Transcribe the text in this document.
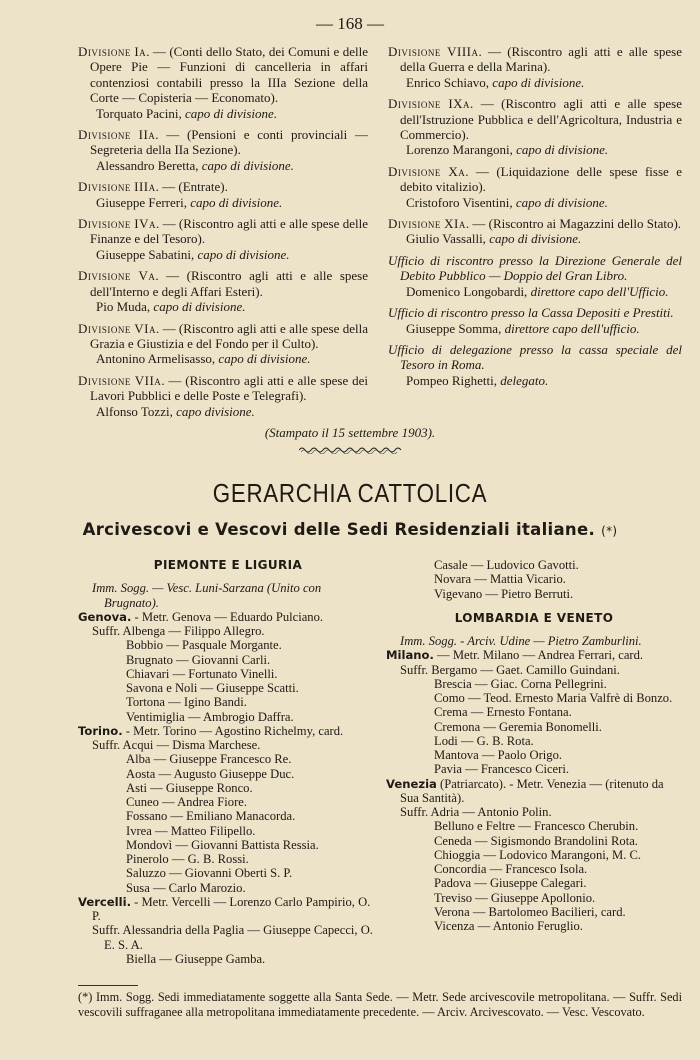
— 168 —
Divisione Ia. — (Conti dello Stato, dei Comuni e delle Opere Pie — Funzioni di cancelleria in affari contenziosi contabili presso la IIIa Sezione della Corte — Copisteria — Economato).
Torquato Pacini, capo di divisione.
Divisione IIa. — (Pensioni e conti provinciali — Segreteria della IIa Sezione).
Alessandro Beretta, capo di divisione.
Divisione IIIa. — (Entrate).
Giuseppe Ferreri, capo di divisione.
Divisione IVa. — (Riscontro agli atti e alle spese delle Finanze e del Tesoro).
Giuseppe Sabatini, capo di divisione.
Divisione Va. — (Riscontro agli atti e alle spese dell'Interno e degli Affari Esteri).
Pio Muda, capo di divisione.
Divisione VIa. — (Riscontro agli atti e alle spese della Grazia e Giustizia e del Fondo per il Culto).
Antonino Armelisasso, capo di divisione.
Divisione VIIa. — (Riscontro agli atti e alle spese dei Lavori Pubblici e delle Poste e Telegrafi).
Alfonso Tozzi, capo divisione.
Divisione VIIIa. — (Riscontro agli atti e alle spese della Guerra e della Marina).
Enrico Schiavo, capo di divisione.
Divisione IXa. — (Riscontro agli atti e alle spese dell'Istruzione Pubblica e dell'Agricoltura, Industria e Commercio).
Lorenzo Marangoni, capo di divisione.
Divisione Xa. — (Liquidazione delle spese fisse e debito vitalizio).
Cristoforo Visentini, capo di divisione.
Divisione XIa. — (Riscontro ai Magazzini dello Stato).
Giulio Vassalli, capo di divisione.
Ufficio di riscontro presso la Direzione Generale del Debito Pubblico — Doppio del Gran Libro.
Domenico Longobardi, direttore capo dell'Ufficio.
Ufficio di riscontro presso la Cassa Depositi e Prestiti.
Giuseppe Somma, direttore capo dell'ufficio.
Ufficio di delegazione presso la cassa speciale del Tesoro in Roma.
Pompeo Righetti, delegato.
(Stampato il 15 settembre 1903).
GERARCHIA CATTOLICA
Arcivescovi e Vescovi delle Sedi Residenziali italiane. (*)
PIEMONTE E LIGURIA
Imm. Sogg. — Vesc. Luni-Sarzana (Unito con Brugnato).
Genova. - Metr. Genova — Eduardo Pulciano.
Suffr. Albenga — Filippo Allegro.
Bobbio — Pasquale Morgante.
Brugnato — Giovanni Carli.
Chiavari — Fortunato Vinelli.
Savona e Noli — Giuseppe Scatti.
Tortona — Igino Bandi.
Ventimiglia — Ambrogio Daffra.
Torino. - Metr. Torino — Agostino Richelmy, card.
Suffr. Acqui — Disma Marchese.
Alba — Giuseppe Francesco Re.
Aosta — Augusto Giuseppe Duc.
Asti — Giuseppe Ronco.
Cuneo — Andrea Fiore.
Fossano — Emiliano Manacorda.
Ivrea — Matteo Filipello.
Mondovì — Giovanni Battista Ressia.
Pinerolo — G. B. Rossi.
Saluzzo — Giovanni Oberti S. P.
Susa — Carlo Marozio.
Vercelli. - Metr. Vercelli — Lorenzo Carlo Pampirio, O. P.
Suffr. Alessandria della Paglia — Giuseppe Capecci, O. E. S. A.
Biella — Giuseppe Gamba.
Casale — Ludovico Gavotti.
Novara — Mattia Vicario.
Vigevano — Pietro Berruti.
LOMBARDIA E VENETO
Imm. Sogg. - Arciv. Udine — Pietro Zamburlini.
Milano. — Metr. Milano — Andrea Ferrari, card.
Suffr. Bergamo — Gaet. Camillo Guindani.
Brescia — Giac. Corna Pellegrini.
Como — Teod. Ernesto Maria Valfrè di Bonzo.
Crema — Ernesto Fontana.
Cremona — Geremia Bonomelli.
Lodi — G. B. Rota.
Mantova — Paolo Origo.
Pavia — Francesco Ciceri.
Venezia (Patriarcato). - Metr. Venezia — (ritenuto da Sua Santità).
Suffr. Adria — Antonio Polin.
Belluno e Feltre — Francesco Cherubin.
Ceneda — Sigismondo Brandolini Rota.
Chioggia — Lodovico Marangoni, M. C.
Concordia — Francesco Isola.
Padova — Giuseppe Calegari.
Treviso — Giuseppe Apollonio.
Verona — Bartolomeo Bacilieri, card.
Vicenza — Antonio Feruglio.
(*) Imm. Sogg. Sedi immediatamente soggette alla Santa Sede. — Metr. Sede arcivescovile metropolitana. — Suffr. Sedi vescovili suffraganee alla metropolitana immediatamente precedente. — Arciv. Arcivescovato. — Vesc. Vescovato.
